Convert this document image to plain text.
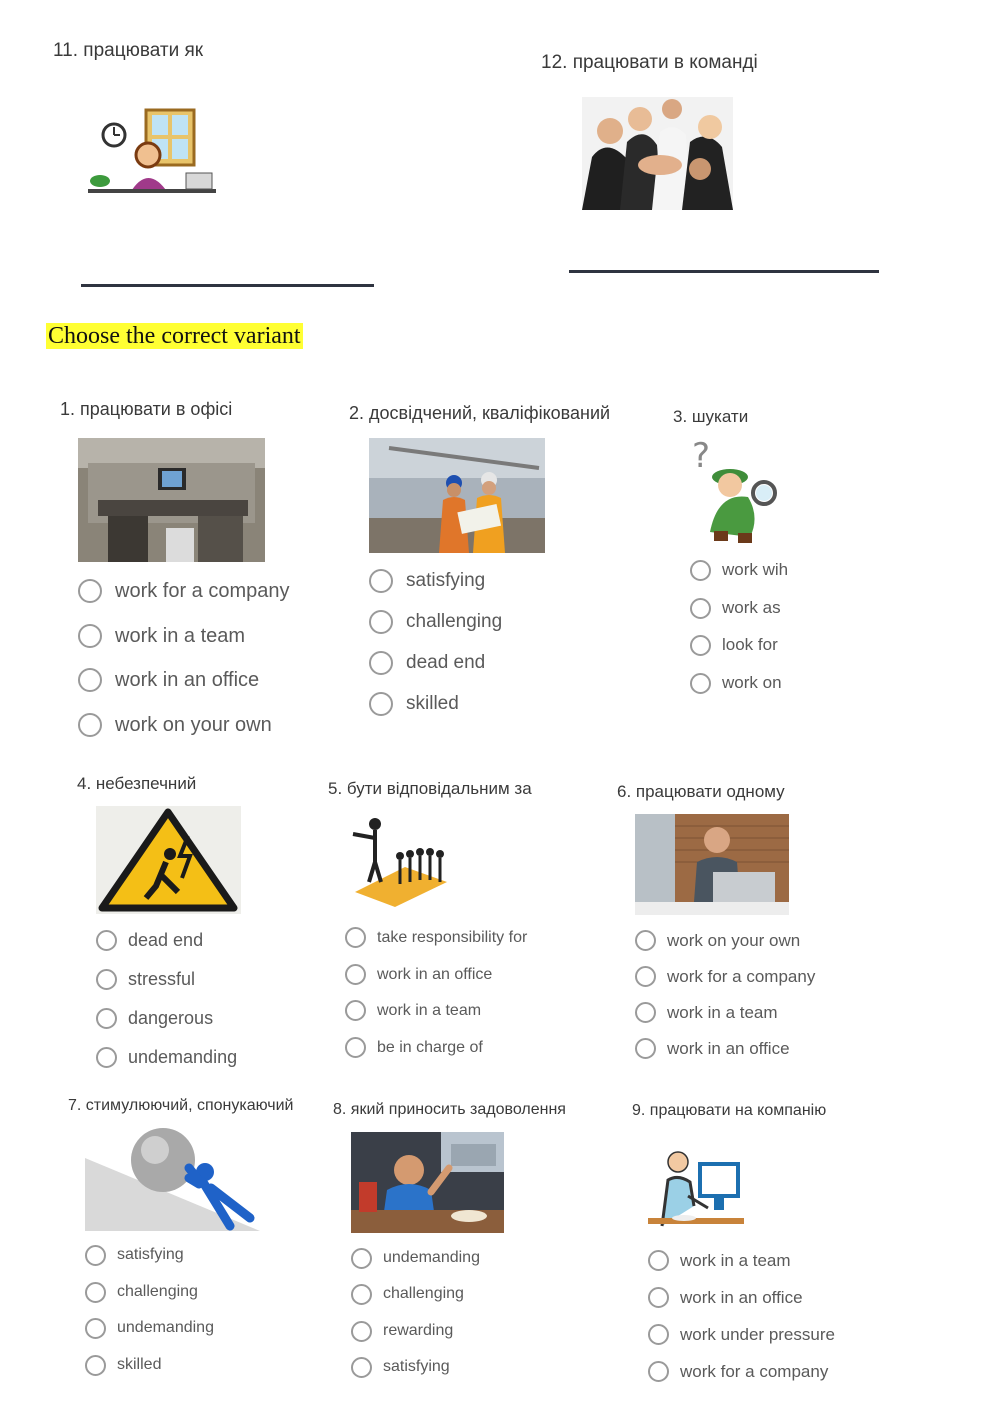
11. працювати як
12. працювати в команді
Choose the correct variant
1. працювати в офісі
work for a company
work in a team
work in an office
work on your own
2. досвідчений, кваліфікований
satisfying
challenging
dead end
skilled
3. шукати
?
work wih
work as
look for
work on
4. небезпечний
dead end
stressful
dangerous
undemanding
5. бути відповідальним за
take responsibility for
work in an office
work in a team
be in charge of
6. працювати одному
work on your own
work for a company
work in a team
work in an office
7. стимулюючий, спонукаючий
satisfying
challenging
undemanding
skilled
8. який приносить задоволення
undemanding
challenging
rewarding
satisfying
9. працювати на компанію
work in a team
work in an office
work under pressure
work for a company
